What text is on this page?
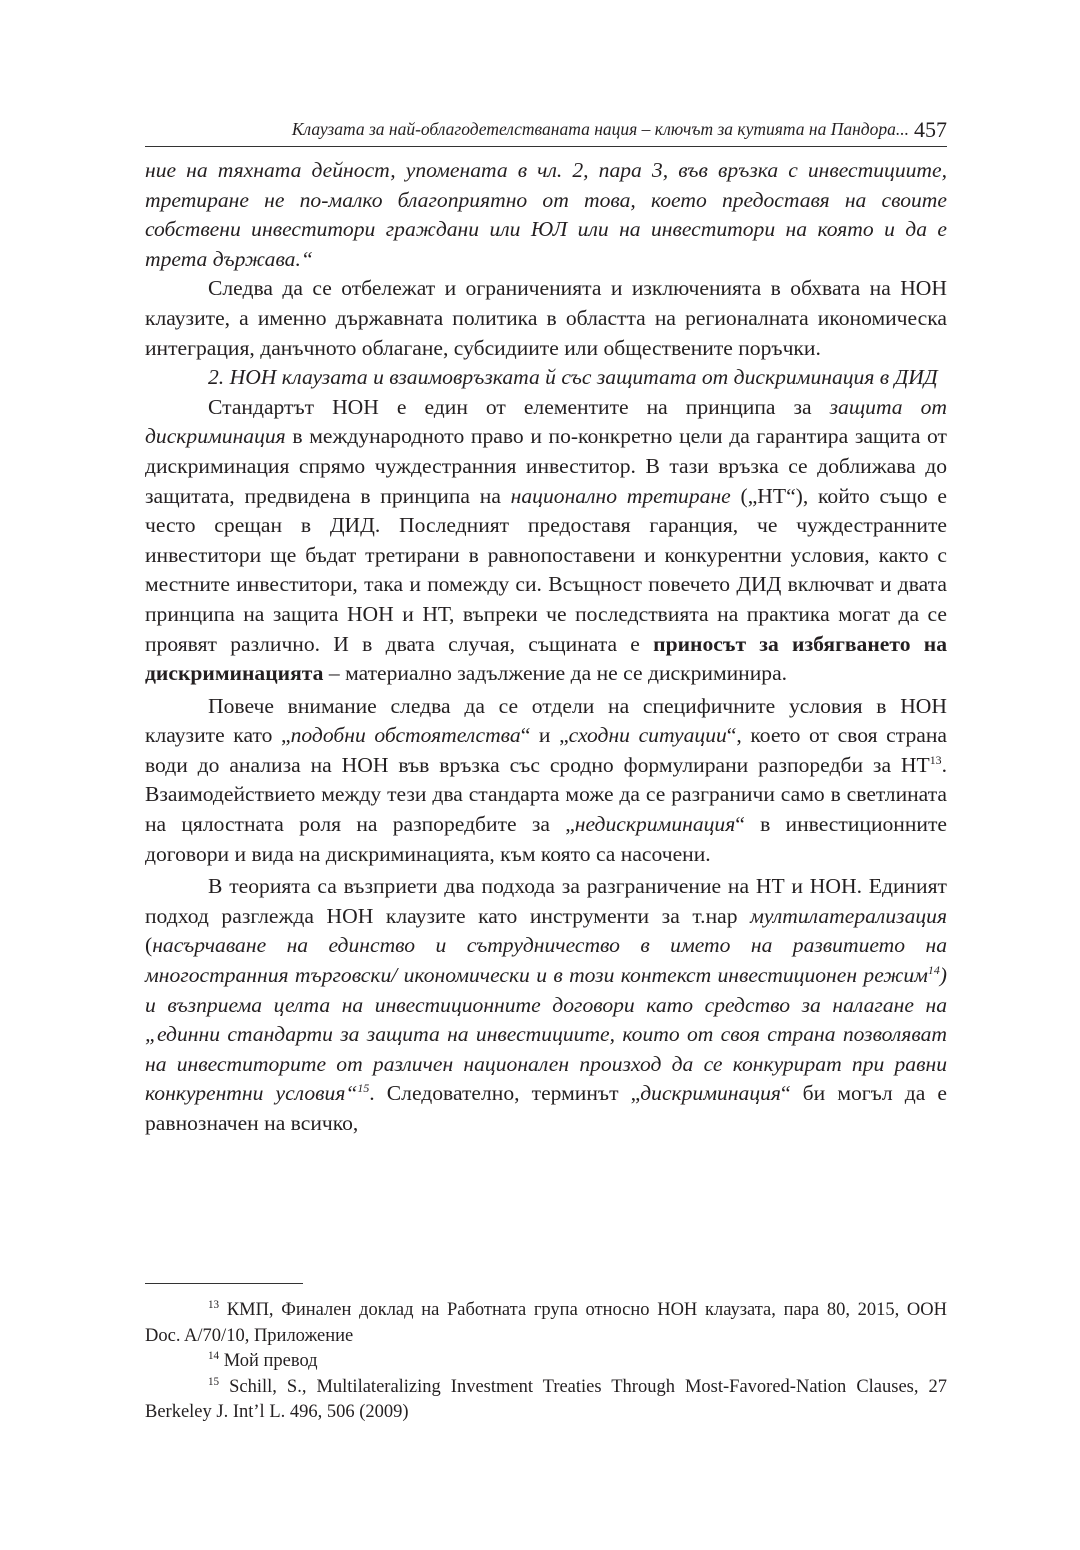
Клаузата за най-облагодетелстваната нация – ключът за кутията на Пандора... 457

ние на тяхната дейност, упомената в чл. 2, пара 3, във връзка с инвестициите, третиране не по-малко благоприятно от това, което предоставя на своите собствени инвеститори граждани или ЮЛ или на инвеститори на която и да е трета държава.“

Следва да се отбележат и ограниченията и изключенията в обхвата на НОН клаузите, а именно държавната политика в областта на регионалната икономическа интеграция, данъчното облагане, субсидиите или обществените поръчки.

2. НОН клаузата и взаимовръзката й със защитата от дискриминация в ДИД

Стандартът НОН е един от елементите на принципа за защита от дискриминация в международното право и по-конкретно цели да гарантира защита от дискриминация спрямо чуждестранния инвеститор. В тази връзка се доближава до защитата, предвидена в принципа на национално третиране („НТ“), който също е често срещан в ДИД. Последният предоставя гаранция, че чуждестранните инвеститори ще бъдат третирани в равнопоставени и конкурентни условия, както с местните инвеститори, така и помежду си. Всъщност повечето ДИД включват и двата принципа на защита НОН и НТ, въпреки че последствията на практика могат да се проявят различно. И в двата случая, същината е приносът за избягването на дискриминацията – материално задължение да не се дискриминира.

Повече внимание следва да се отдели на специфичните условия в НОН клаузите като „подобни обстоятелства“ и „сходни ситуации“, което от своя страна води до анализа на НОН във връзка със сродно формулирани разпоредби за НТ$^{13}$. Взаимодействието между тези два стандарта може да се разграничи само в светлината на цялостната роля на разпоредбите за „недискриминация“ в инвестиционните договори и вида на дискриминацията, към която са насочени.

В теорията са възприети два подхода за разграничение на НТ и НОН. Единият подход разглежда НОН клаузите като инструменти за т.нар мултилатерализация (насърчаване на единство и сътрудничество в името на развитието на многостранния търговски/ икономически и в този контекст инвестиционен режим$^{14}$) и възприема целта на инвестиционните договори като средство за налагане на „единни стандарти за защита на инвестициите, които от своя страна позволяват на инвеститорите от различен национален произход да се конкурират при равни конкурентни условия“$^{15}$. Следователно, терминът „дискриминация“ би могъл да е равнозначен на всичко,

$^{13}$ КМП, Финален доклад на Работната група относно НОН клаузата, пара 80, 2015, ООН Doc. A/70/10, Приложение

$^{14}$ Мой превод

$^{15}$ Schill, S., Multilateralizing Investment Treaties Through Most-Favored-Nation Clauses, 27 Berkeley J. Int’l L. 496, 506 (2009)
